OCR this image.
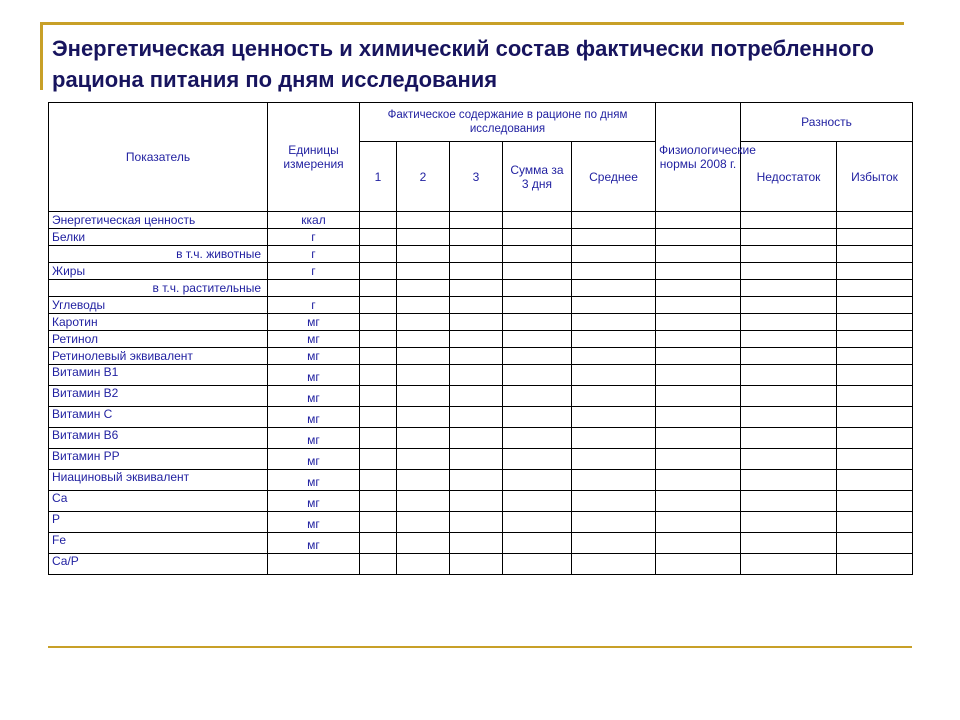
Энергетическая ценность и химический состав фактически потребленного рациона питания по дням исследования
Показатель	Единицы измерения	Фактическое содержание в рационе по дням исследования					Физиологические нормы 2008 г.	Разность	
		1	2	3	Сумма за 3 дня	Среднее		Недостаток	Избыток
Энергетическая ценность	ккал								
Белки	г								
в т.ч. животные	г								
Жиры	г								
в т.ч. растительные									
Углеводы	г								
Каротин	мг								
Ретинол	мг								
Ретинолевый эквивалент	мг								
Витамин В1	мг								
Витамин В2	мг								
Витамин С	мг								
Витамин В6	мг								
Витамин РР	мг								
Ниациновый эквивалент	мг								
Са	мг								
Р	мг								
Fe	мг								
Са/Р									
